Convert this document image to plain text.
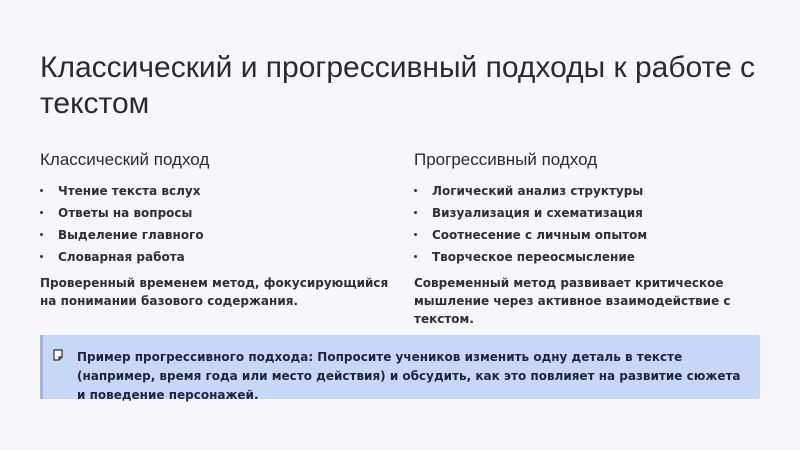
Классический и прогрессивный подходы к работе с текстом
Классический подход
Чтение текста вслух
Ответы на вопросы
Выделение главного
Словарная работа

Проверенный временем метод, фокусирующийся на понимании базового содержания.

Прогрессивный подход
Логический анализ структуры
Визуализация и схематизация
Соотнесение с личным опытом
Творческое переосмысление

Современный метод развивает критическое мышление через активное взаимодействие с текстом.

Пример прогрессивного подхода: Попросите учеников изменить одну деталь в тексте (например, время года или место действия) и обсудить, как это повлияет на развитие сюжета и поведение персонажей.
